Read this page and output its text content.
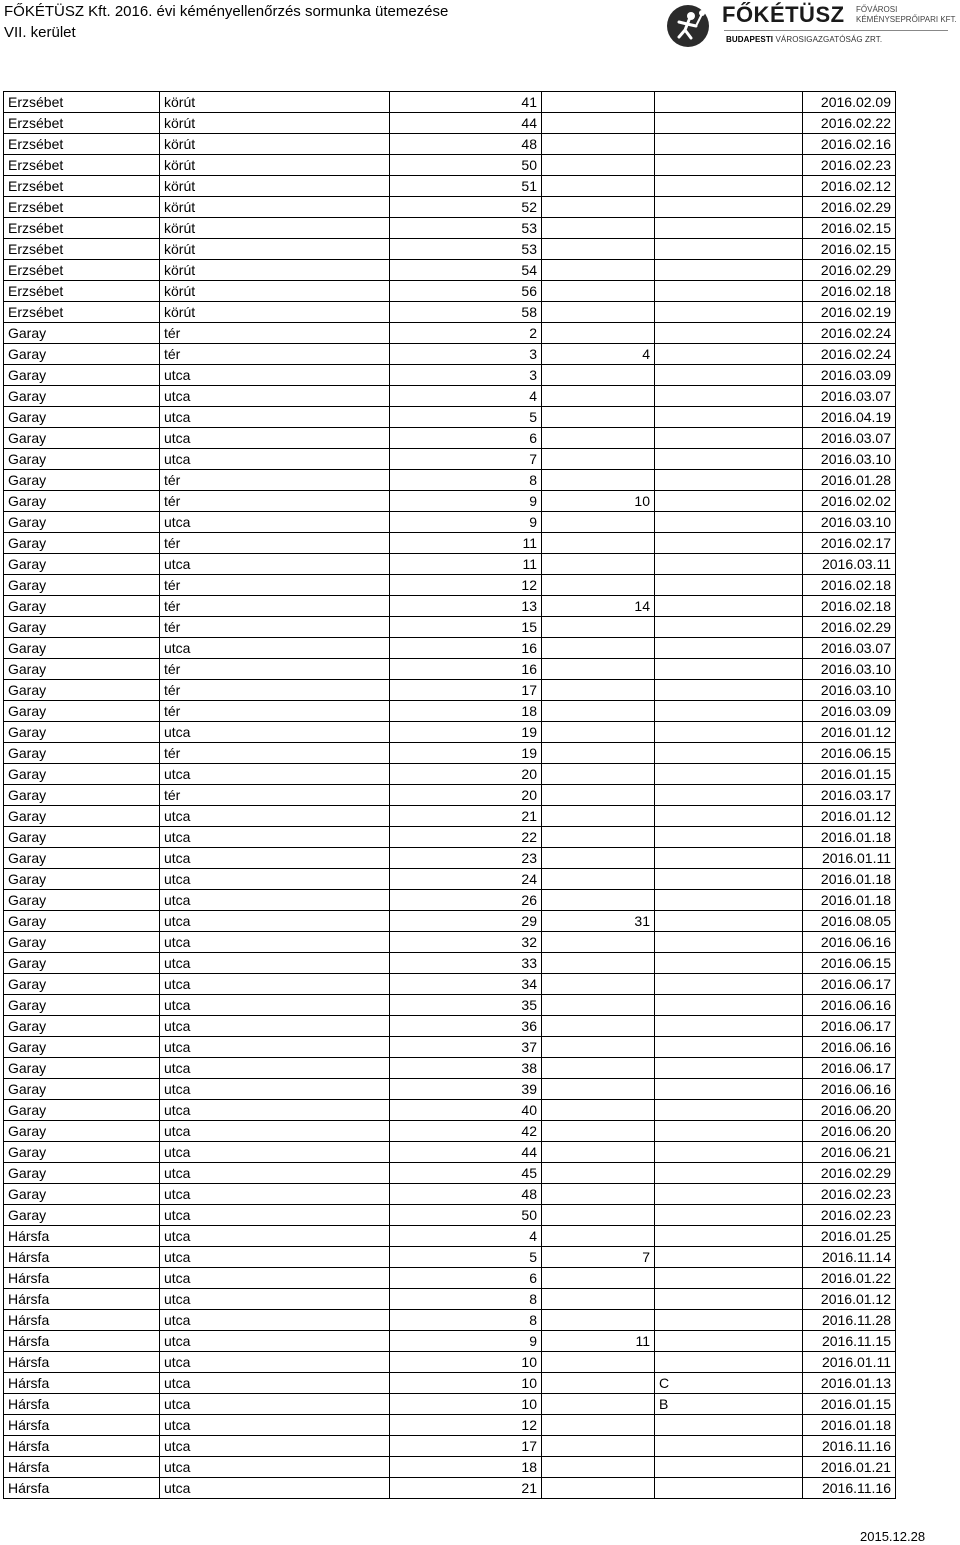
FŐKÉTÜSZ Kft. 2016. évi kéményellenőrzés sormunka ütemezése
VII. kerület
FŐKÉTÜSZ FŐVÁROSI
KÉMÉNYSEPRŐIPARI KFT.
BUDAPESTI VÁROSIGAZGATÓSÁG ZRT.
Erzsébet	körút	41			2016.02.09
Erzsébet	körút	44			2016.02.22
Erzsébet	körút	48			2016.02.16
Erzsébet	körút	50			2016.02.23
Erzsébet	körút	51			2016.02.12
Erzsébet	körút	52			2016.02.29
Erzsébet	körút	53			2016.02.15
Erzsébet	körút	53			2016.02.15
Erzsébet	körút	54			2016.02.29
Erzsébet	körút	56			2016.02.18
Erzsébet	körút	58			2016.02.19
Garay	tér	2			2016.02.24
Garay	tér	3	4		2016.02.24
Garay	utca	3			2016.03.09
Garay	utca	4			2016.03.07
Garay	utca	5			2016.04.19
Garay	utca	6			2016.03.07
Garay	utca	7			2016.03.10
Garay	tér	8			2016.01.28
Garay	tér	9	10		2016.02.02
Garay	utca	9			2016.03.10
Garay	tér	11			2016.02.17
Garay	utca	11			2016.03.11
Garay	tér	12			2016.02.18
Garay	tér	13	14		2016.02.18
Garay	tér	15			2016.02.29
Garay	utca	16			2016.03.07
Garay	tér	16			2016.03.10
Garay	tér	17			2016.03.10
Garay	tér	18			2016.03.09
Garay	utca	19			2016.01.12
Garay	tér	19			2016.06.15
Garay	utca	20			2016.01.15
Garay	tér	20			2016.03.17
Garay	utca	21			2016.01.12
Garay	utca	22			2016.01.18
Garay	utca	23			2016.01.11
Garay	utca	24			2016.01.18
Garay	utca	26			2016.01.18
Garay	utca	29	31		2016.08.05
Garay	utca	32			2016.06.16
Garay	utca	33			2016.06.15
Garay	utca	34			2016.06.17
Garay	utca	35			2016.06.16
Garay	utca	36			2016.06.17
Garay	utca	37			2016.06.16
Garay	utca	38			2016.06.17
Garay	utca	39			2016.06.16
Garay	utca	40			2016.06.20
Garay	utca	42			2016.06.20
Garay	utca	44			2016.06.21
Garay	utca	45			2016.02.29
Garay	utca	48			2016.02.23
Garay	utca	50			2016.02.23
Hársfa	utca	4			2016.01.25
Hársfa	utca	5	7		2016.11.14
Hársfa	utca	6			2016.01.22
Hársfa	utca	8			2016.01.12
Hársfa	utca	8			2016.11.28
Hársfa	utca	9	11		2016.11.15
Hársfa	utca	10			2016.01.11
Hársfa	utca	10		C	2016.01.13
Hársfa	utca	10		B	2016.01.15
Hársfa	utca	12			2016.01.18
Hársfa	utca	17			2016.11.16
Hársfa	utca	18			2016.01.21
Hársfa	utca	21			2016.11.16
2015.12.28
